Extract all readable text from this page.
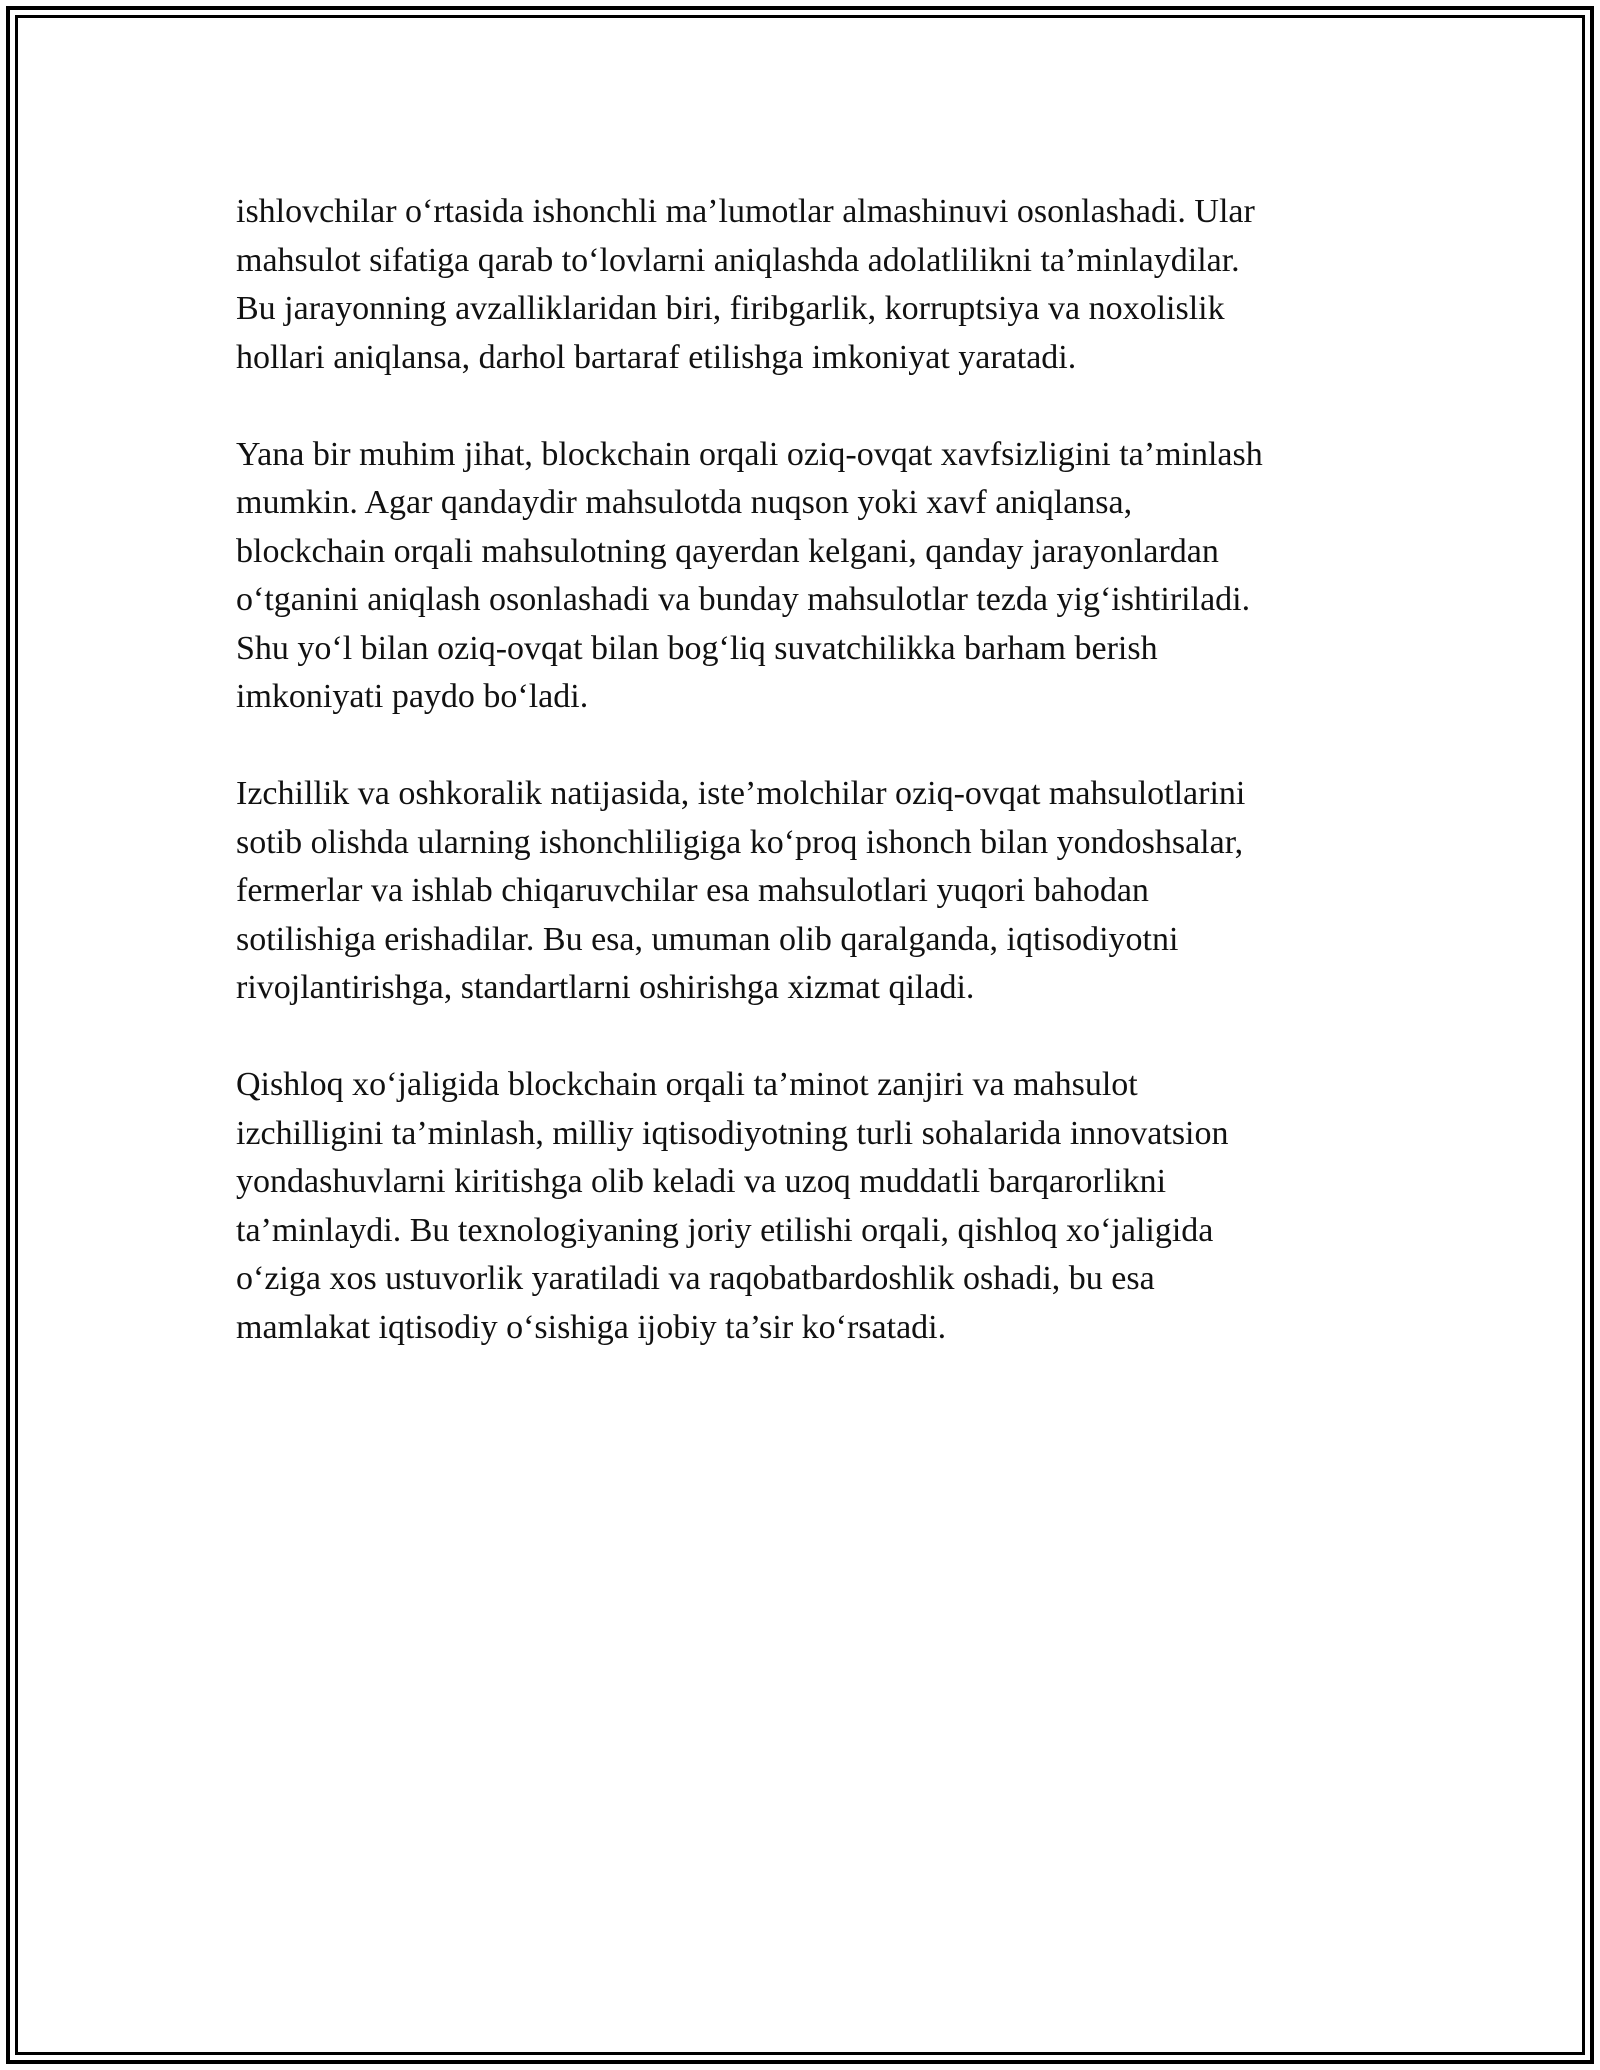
ishlovchilar o‘rtasida ishonchli ma’lumotlar almashinuvi osonlashadi. Ular
mahsulot sifatiga qarab to‘lovlarni aniqlashda adolatlilikni ta’minlaydilar.
Bu jarayonning avzalliklaridan biri, firibgarlik, korruptsiya va noxolislik
hollari aniqlansa, darhol bartaraf etilishga imkoniyat yaratadi.

Yana bir muhim jihat, blockchain orqali oziq-ovqat xavfsizligini ta’minlash
mumkin. Agar qandaydir mahsulotda nuqson yoki xavf aniqlansa,
blockchain orqali mahsulotning qayerdan kelgani, qanday jarayonlardan
o‘tganini aniqlash osonlashadi va bunday mahsulotlar tezda yig‘ishtiriladi.
Shu yo‘l bilan oziq-ovqat bilan bog‘liq suvatchilikka barham berish
imkoniyati paydo bo‘ladi.

Izchillik va oshkoralik natijasida, iste’molchilar oziq-ovqat mahsulotlarini
sotib olishda ularning ishonchliligiga ko‘proq ishonch bilan yondoshsalar,
fermerlar va ishlab chiqaruvchilar esa mahsulotlari yuqori bahodan
sotilishiga erishadilar. Bu esa, umuman olib qaralganda, iqtisodiyotni
rivojlantirishga, standartlarni oshirishga xizmat qiladi.

Qishloq xo‘jaligida blockchain orqali ta’minot zanjiri va mahsulot
izchilligini ta’minlash, milliy iqtisodiyotning turli sohalarida innovatsion
yondashuvlarni kiritishga olib keladi va uzoq muddatli barqarorlikni
ta’minlaydi. Bu texnologiyaning joriy etilishi orqali, qishloq xo‘jaligida
o‘ziga xos ustuvorlik yaratiladi va raqobatbardoshlik oshadi, bu esa
mamlakat iqtisodiy o‘sishiga ijobiy ta’sir ko‘rsatadi.
